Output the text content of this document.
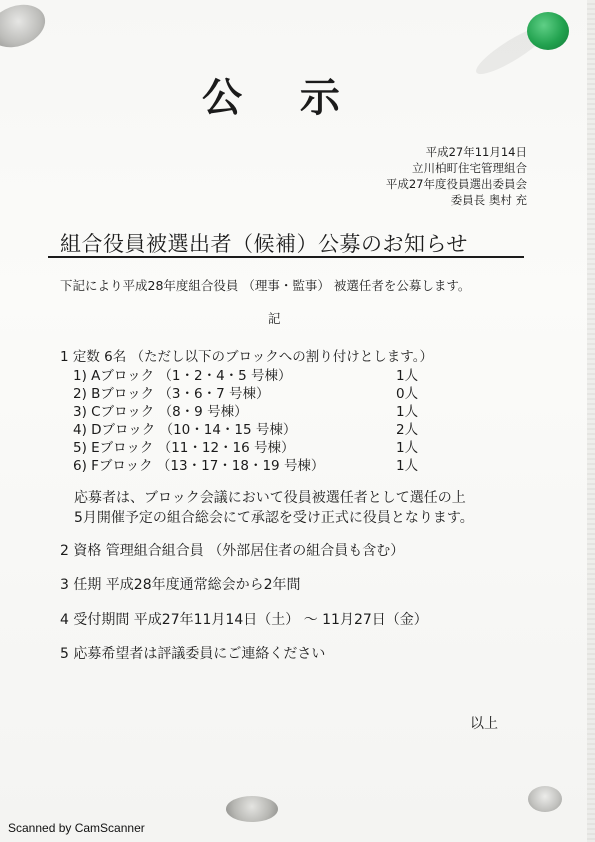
公 示
平成27年11月14日
立川柏町住宅管理組合
平成27年度役員選出委員会
委員長 奥村 充
組合役員被選出者（候補）公募のお知らせ
下記により平成28年度組合役員 （理事・監事） 被選任者を公募します。
記
1 定数 6名 （ただし以下のブロックへの割り付けとします。）
1) Aブロック （1・2・4・5 号棟）	1人
2) Bブロック （3・6・7 号棟）	0人
3) Cブロック （8・9 号棟）	1人
4) Dブロック （10・14・15 号棟）	2人
5) Eブロック （11・12・16 号棟）	1人
6) Fブロック （13・17・18・19 号棟）	1人
応募者は、ブロック会議において役員被選任者として選任の上
5月開催予定の組合総会にて承認を受け正式に役員となります。
2 資格 管理組合組合員 （外部居住者の組合員も含む）
3 任期 平成28年度通常総会から2年間
4 受付期間 平成27年11月14日（土） ～ 11月27日（金）
5 応募希望者は評議委員にご連絡ください
以上
Scanned by CamScanner
